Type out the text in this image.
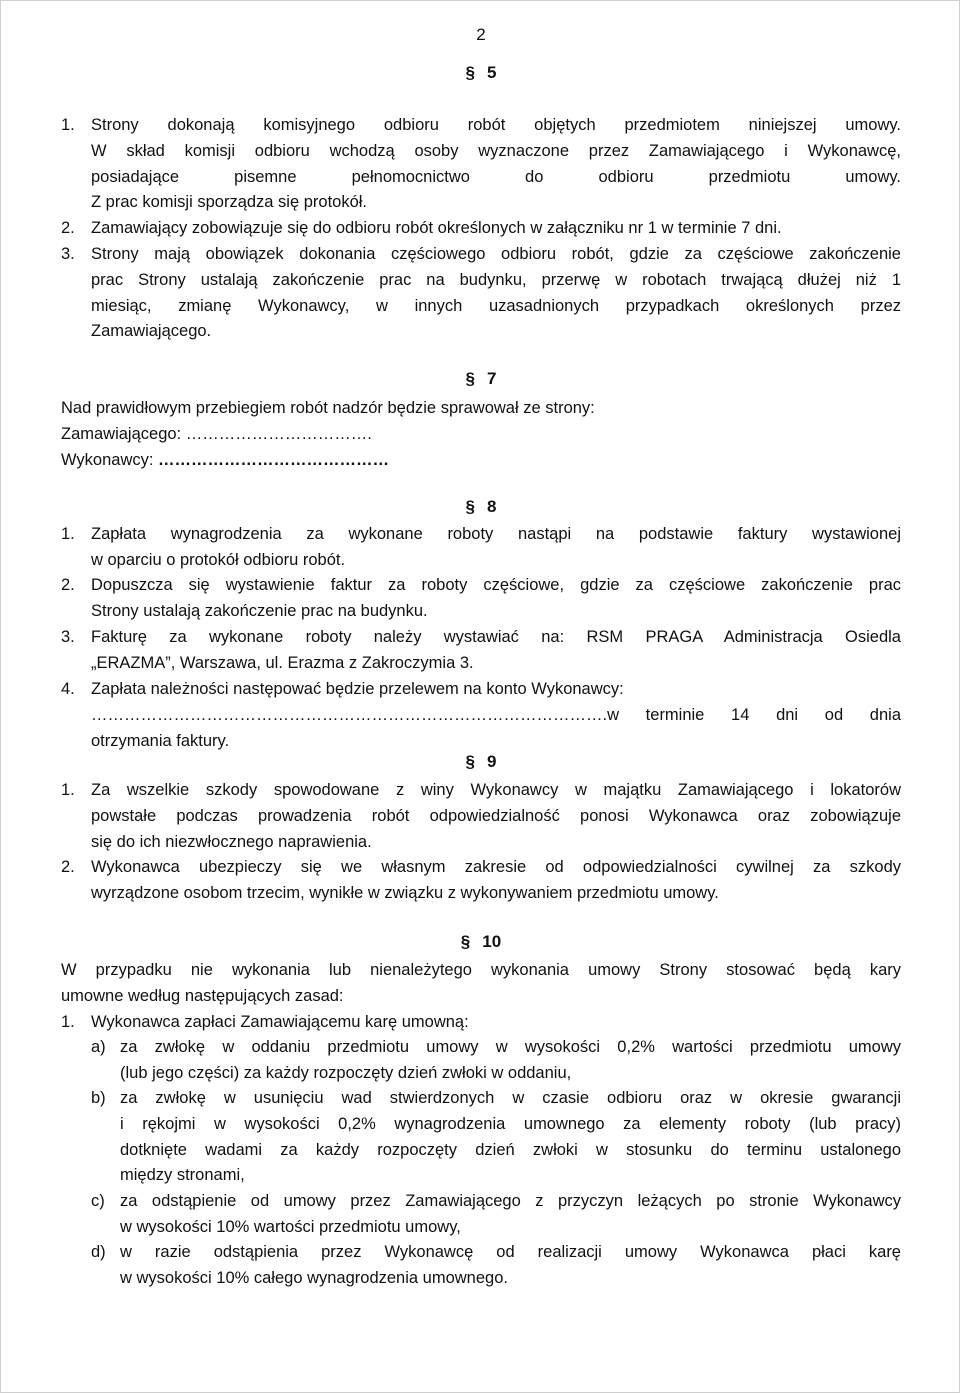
2
§ 5
1. Strony dokonają komisyjnego odbioru robót objętych przedmiotem niniejszej umowy.
W skład komisji odbioru wchodzą osoby wyznaczone przez Zamawiającego i Wykonawcę,
posiadające pisemne pełnomocnictwo do odbioru przedmiotu umowy.
Z prac komisji sporządza się protokół.
2. Zamawiający zobowiązuje się do odbioru robót określonych w załączniku nr 1 w terminie 7 dni.
3. Strony mają obowiązek dokonania częściowego odbioru robót, gdzie za częściowe zakończenie
prac Strony ustalają zakończenie prac na budynku, przerwę w robotach trwającą dłużej niż 1
miesiąc, zmianę Wykonawcy, w innych uzasadnionych przypadkach określonych przez
Zamawiającego.
§ 7
Nad prawidłowym przebiegiem robót nadzór będzie sprawował ze strony:
Zamawiającego: …………………………….
Wykonawcy: ……………………………………
§ 8
1. Zapłata wynagrodzenia za wykonane roboty nastąpi na podstawie faktury wystawionej
w oparciu o protokół odbioru robót.
2. Dopuszcza się wystawienie faktur za roboty częściowe, gdzie za częściowe zakończenie prac
Strony ustalają zakończenie prac na budynku.
3. Fakturę za wykonane roboty należy wystawiać na: RSM PRAGA Administracja Osiedla
„ERAZMA”, Warszawa, ul. Erazma z Zakroczymia 3.
4. Zapłata należności następować będzie przelewem na konto Wykonawcy:
………………………………………………………………………………….w terminie 14 dni od dnia
otrzymania faktury.
§ 9
1. Za wszelkie szkody spowodowane z winy Wykonawcy w majątku Zamawiającego i lokatorów
powstałe podczas prowadzenia robót odpowiedzialność ponosi Wykonawca oraz zobowiązuje
się do ich niezwłocznego naprawienia.
2. Wykonawca ubezpieczy się we własnym zakresie od odpowiedzialności cywilnej za szkody
wyrządzone osobom trzecim, wynikłe w związku z wykonywaniem przedmiotu umowy.
§ 10
W przypadku nie wykonania lub nienależytego wykonania umowy Strony stosować będą kary
umowne według następujących zasad:
1. Wykonawca zapłaci Zamawiającemu karę umowną:
a) za zwłokę w oddaniu przedmiotu umowy w wysokości 0,2% wartości przedmiotu umowy
(lub jego części) za każdy rozpoczęty dzień zwłoki w oddaniu,
b) za zwłokę w usunięciu wad stwierdzonych w czasie odbioru oraz w okresie gwarancji
i rękojmi w wysokości 0,2% wynagrodzenia umownego za elementy roboty (lub pracy)
dotknięte wadami za każdy rozpoczęty dzień zwłoki w stosunku do terminu ustalonego
między stronami,
c) za odstąpienie od umowy przez Zamawiającego z przyczyn leżących po stronie Wykonawcy
w wysokości 10% wartości przedmiotu umowy,
d) w razie odstąpienia przez Wykonawcę od realizacji umowy Wykonawca płaci karę
w wysokości 10% całego wynagrodzenia umownego.
